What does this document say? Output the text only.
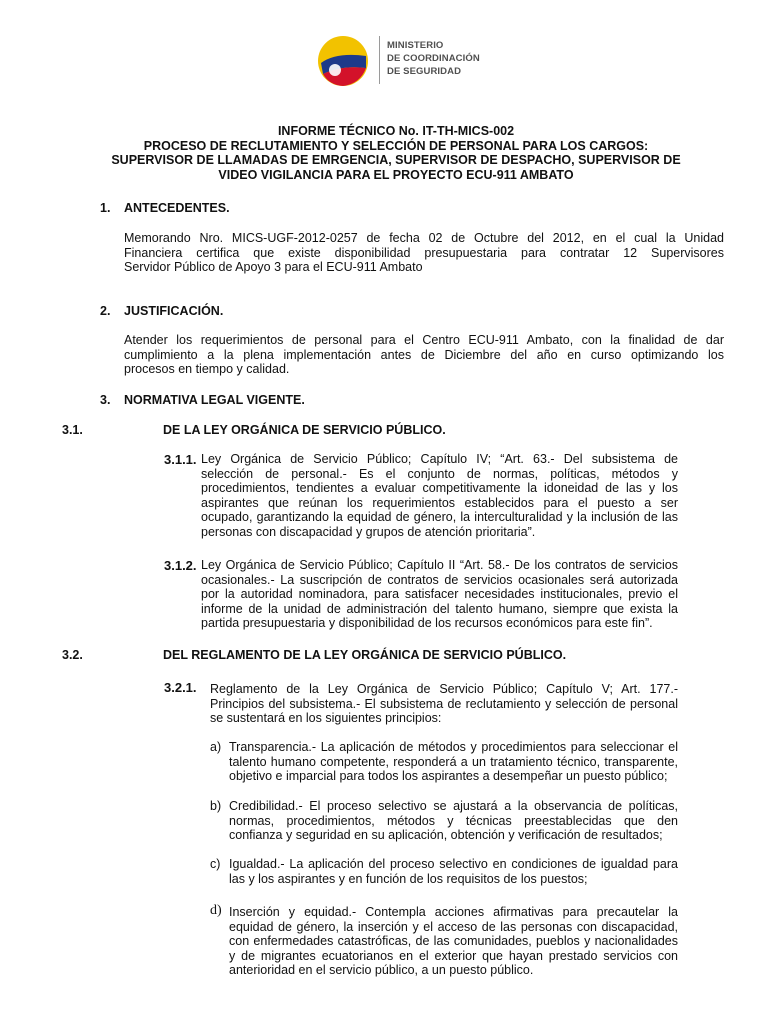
MINISTERIO
DE COORDINACIÓN
DE SEGURIDAD
INFORME TÉCNICO No. IT-TH-MICS-002
PROCESO DE RECLUTAMIENTO Y SELECCIÓN DE PERSONAL PARA LOS CARGOS:
SUPERVISOR DE LLAMADAS DE EMRGENCIA, SUPERVISOR DE DESPACHO, SUPERVISOR DE
VIDEO VIGILANCIA PARA EL PROYECTO ECU-911 AMBATO
1. ANTECEDENTES.
Memorando Nro. MICS-UGF-2012-0257 de fecha 02 de Octubre del 2012, en el cual la Unidad
Financiera certifica que existe disponibilidad presupuestaria para contratar 12 Supervisores
Servidor Público de Apoyo 3 para el ECU-911 Ambato
2. JUSTIFICACIÓN.
Atender los requerimientos de personal para el Centro ECU-911 Ambato, con la finalidad de dar
cumplimiento a la plena implementación antes de Diciembre del año en curso optimizando los
procesos en tiempo y calidad.
3. NORMATIVA LEGAL VIGENTE.
3.1.	DE LA LEY ORGÁNICA DE SERVICIO PÚBLICO.
3.1.1. Ley Orgánica de Servicio Público; Capítulo IV; “Art. 63.- Del subsistema de
selección de personal.- Es el conjunto de normas, políticas, métodos y
procedimientos, tendientes a evaluar competitivamente la idoneidad de las y los
aspirantes que reúnan los requerimientos establecidos para el puesto a ser
ocupado, garantizando la equidad de género, la interculturalidad y la inclusión de las
personas con discapacidad y grupos de atención prioritaria”.
3.1.2. Ley Orgánica de Servicio Público; Capítulo II “Art. 58.- De los contratos de servicios
ocasionales.- La suscripción de contratos de servicios ocasionales será autorizada
por la autoridad nominadora, para satisfacer necesidades institucionales, previo el
informe de la unidad de administración del talento humano, siempre que exista la
partida presupuestaria y disponibilidad de los recursos económicos para este fin”.
3.2.	DEL REGLAMENTO DE LA LEY ORGÁNICA DE SERVICIO PÚBLICO.
3.2.1. Reglamento de la Ley Orgánica de Servicio Público; Capítulo V; Art. 177.-
Principios del subsistema.- El subsistema de reclutamiento y selección de personal
se sustentará en los siguientes principios:
a) Transparencia.- La aplicación de métodos y procedimientos para seleccionar el
talento humano competente, responderá a un tratamiento técnico, transparente,
objetivo e imparcial para todos los aspirantes a desempeñar un puesto público;
b) Credibilidad.- El proceso selectivo se ajustará a la observancia de políticas,
normas, procedimientos, métodos y técnicas preestablecidas que den
confianza y seguridad en su aplicación, obtención y verificación de resultados;
c) Igualdad.- La aplicación del proceso selectivo en condiciones de igualdad para
las y los aspirantes y en función de los requisitos de los puestos;
d) Inserción y equidad.- Contempla acciones afirmativas para precautelar la
equidad de género, la inserción y el acceso de las personas con discapacidad,
con enfermedades catastróficas, de las comunidades, pueblos y nacionalidades
y de migrantes ecuatorianos en el exterior que hayan prestado servicios con
anterioridad en el servicio público, a un puesto público.
